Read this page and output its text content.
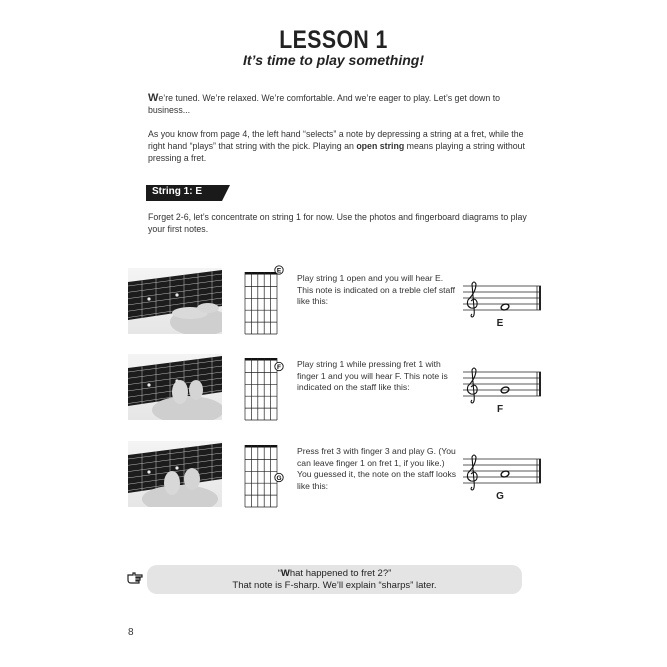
LESSON 1
It’s time to play something!
We’re tuned. We’re relaxed. We’re comfortable. And we’re eager to play. Let’s get down to business...
As you know from page 4, the left hand “selects” a note by depressing a string at a fret, while the right hand “plays” that string with the pick. Playing an open string means playing a string without pressing a fret.
String 1: E
Forget 2-6, let’s concentrate on string 1 for now. Use the photos and fingerboard diagrams to play your first notes.
E
Play string 1 open and you will hear E. This note is indicated on a treble clef staff like this:
E
F Play string 1 while pressing fret 1 with finger 1 and you will hear F. This note is indicated on the staff like this:
F
G
Press fret 3 with finger 3 and play G. (You can leave finger 1 on fret 1, if you like.) You guessed it, the note on the staff looks like this:
G
“What happened to fret 2?”
That note is F-sharp. We’ll explain “sharps” later.
8
